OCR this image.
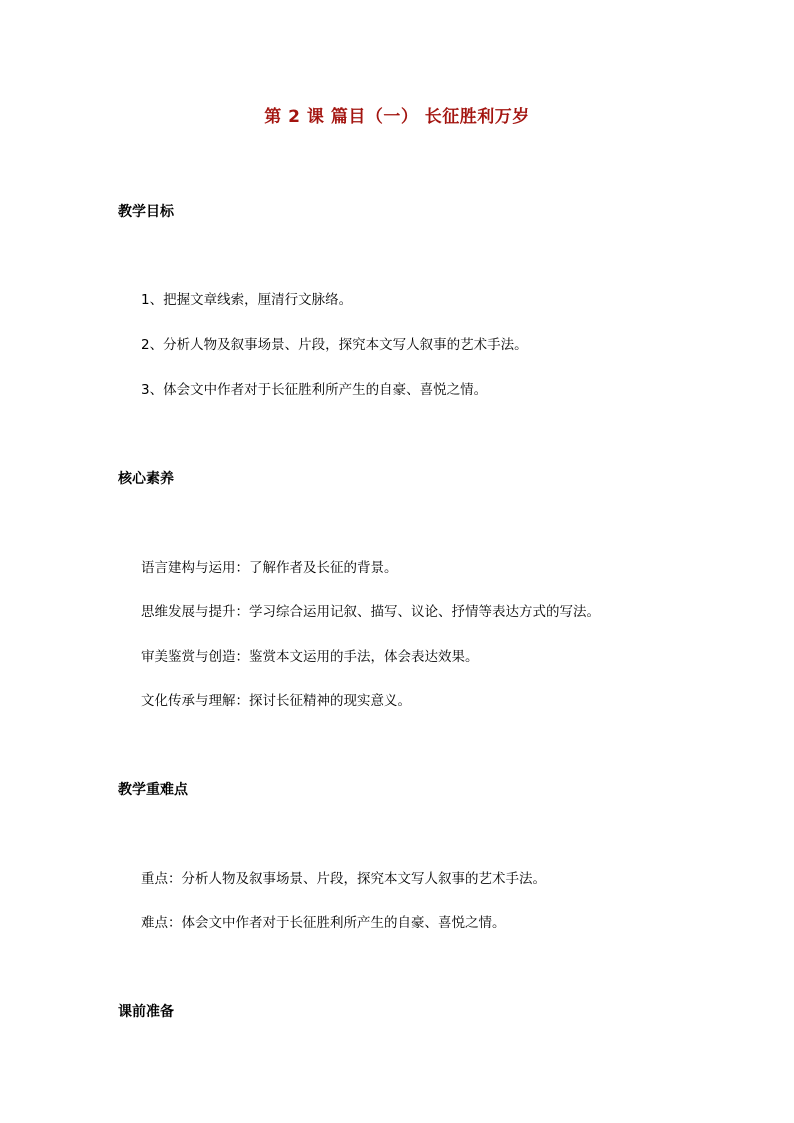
第 2 课 篇目（一） 长征胜利万岁
教学目标
1、把握文章线索，厘清行文脉络。
2、分析人物及叙事场景、片段，探究本文写人叙事的艺术手法。
3、体会文中作者对于长征胜利所产生的自豪、喜悦之情。
核心素养
语言建构与运用：了解作者及长征的背景。
思维发展与提升：学习综合运用记叙、描写、议论、抒情等表达方式的写法。
审美鉴赏与创造：鉴赏本文运用的手法，体会表达效果。
文化传承与理解：探讨长征精神的现实意义。
教学重难点
重点：分析人物及叙事场景、片段，探究本文写人叙事的艺术手法。
难点：体会文中作者对于长征胜利所产生的自豪、喜悦之情。
课前准备
